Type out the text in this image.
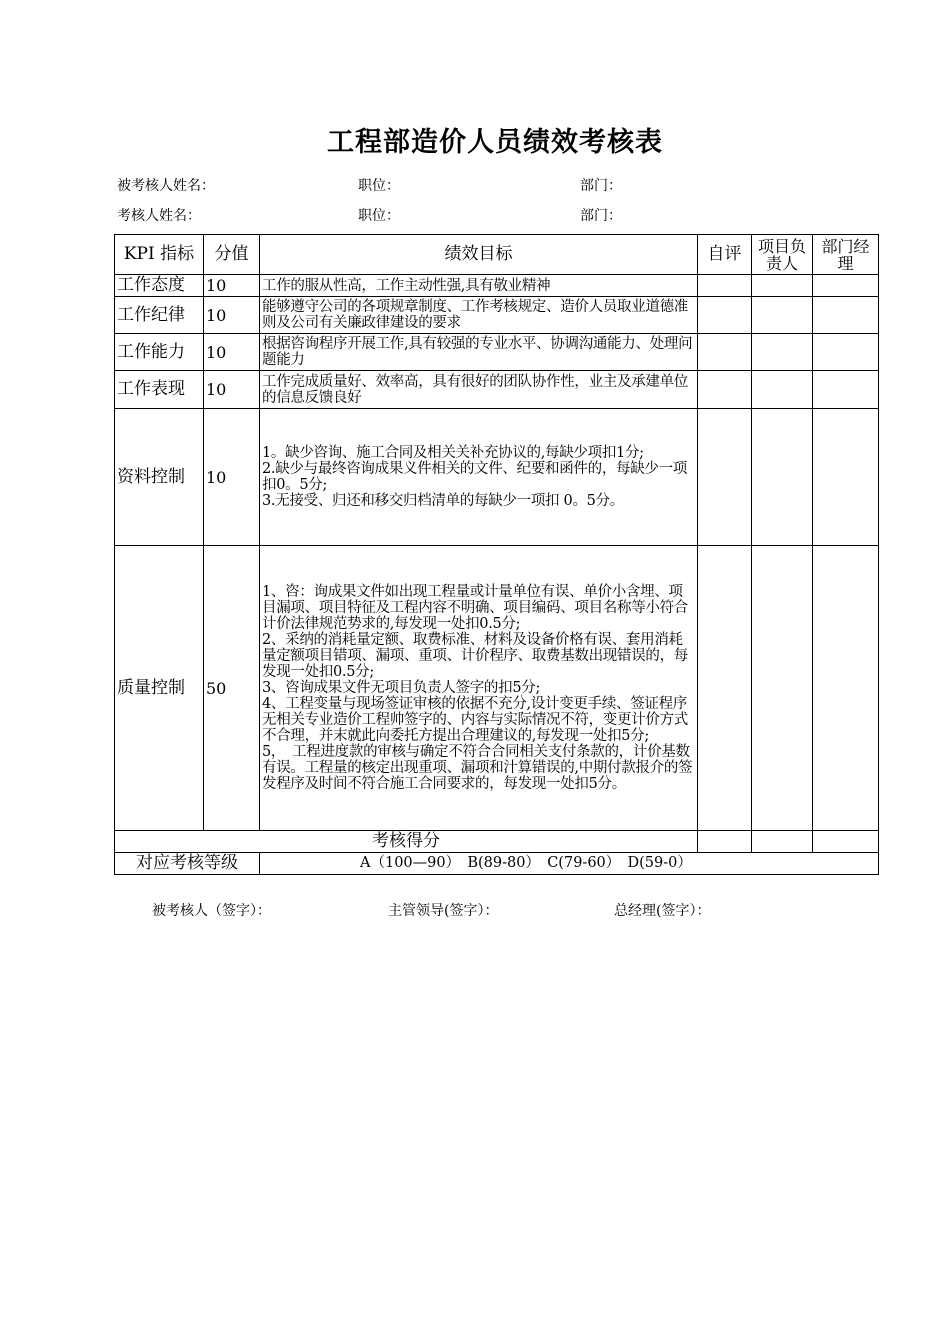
工程部造价人员绩效考核表
被考核人姓名：	职位：	部门：
考核人姓名：	职位：	部门：
KPI 指标	分值	绩效目标	自评	项目负责人	部门经理
工作态度	10	工作的服从性高，工作主动性强,具有敬业精神			
工作纪律	10	能够遵守公司的各项规章制度、工作考核规定、造价人员取业道德准则及公司有关廉政律建设的要求			
工作能力	10	根据咨询程序开展工作,具有较强的专业水平、协调沟通能力、处理问题能力			
工作表现	10	工作完成质量好、效率高，具有很好的团队协作性，业主及承建单位的信息反馈良好			
资料控制	10	1。缺少咨询、施工合同及相关关补充协议的,每缺少项扣1分;
2.缺少与最终咨询成果义件相关的文件、纪要和函件的，每缺少一项
扣0。5分;
3.无接受、归还和移交归档清单的每缺少一项扣 0。5分。			
质量控制	50	1、咨：询成果文件如出现工程量或计量单位有误、单价小含埋、项目漏项、项目特征及工程内容不明确、项目编码、项目名称等小符合计价法律规范势求的,每发现一处扣0.5分;
2、采纳的消耗量定额、取费标准、材料及设备价格有误、套用消耗量定额项目错项、漏项、重项、计价程序、取费基数出现错误的，每发现一处扣0.5分;
3、咨询成果文件无项目负责人签字的扣5分;
4、工程变量与现场签证审核的依据不充分,设计变更手续、签证程序无相关专业造价工程帅签字的、内容与实际情况不符，变更计价方式不合理，并末就此向委托方提出合理建议的,每发现一处扣5分;
5，　工程进度款的审核与确定不符合合同相关支付条款的，计价基数有误。工程量的核定出现重项、漏项和汁算错误的,中期付款报介的签发程序及时间不符合施工合同要求的，每发现一处扣5分。			
考核得分					
对应考核等级		A（100—90）　B(89-80）　C(79-60）　D(59-0）			
被考核人（签字）：	主管领导(签字）：	总经理(签字）：
